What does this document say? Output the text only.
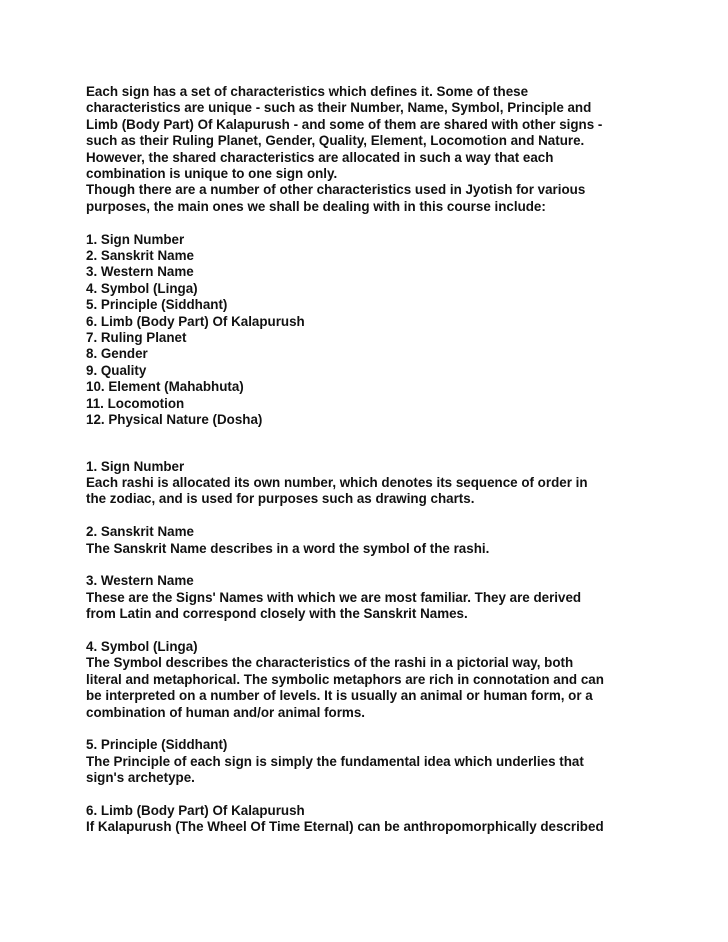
Each sign has a set of characteristics which defines it. Some of these
characteristics are unique - such as their Number, Name, Symbol, Principle and
Limb (Body Part) Of Kalapurush - and some of them are shared with other signs -
such as their Ruling Planet, Gender, Quality, Element, Locomotion and Nature.
However, the shared characteristics are allocated in such a way that each
combination is unique to one sign only.
Though there are a number of other characteristics used in Jyotish for various
purposes, the main ones we shall be dealing with in this course include:
1. Sign Number
2. Sanskrit Name
3. Western Name
4. Symbol (Linga)
5. Principle (Siddhant)
6. Limb (Body Part) Of Kalapurush
7. Ruling Planet
8. Gender
9. Quality
10. Element (Mahabhuta)
11. Locomotion
12. Physical Nature (Dosha)
1. Sign Number
Each rashi is allocated its own number, which denotes its sequence of order in
the zodiac, and is used for purposes such as drawing charts.
2. Sanskrit Name
The Sanskrit Name describes in a word the symbol of the rashi.
3. Western Name
These are the Signs' Names with which we are most familiar. They are derived
from Latin and correspond closely with the Sanskrit Names.
4. Symbol (Linga)
The Symbol describes the characteristics of the rashi in a pictorial way, both
literal and metaphorical. The symbolic metaphors are rich in connotation and can
be interpreted on a number of levels. It is usually an animal or human form, or a
combination of human and/or animal forms.
5. Principle (Siddhant)
The Principle of each sign is simply the fundamental idea which underlies that
sign's archetype.
6. Limb (Body Part) Of Kalapurush
If Kalapurush (The Wheel Of Time Eternal) can be anthropomorphically described
